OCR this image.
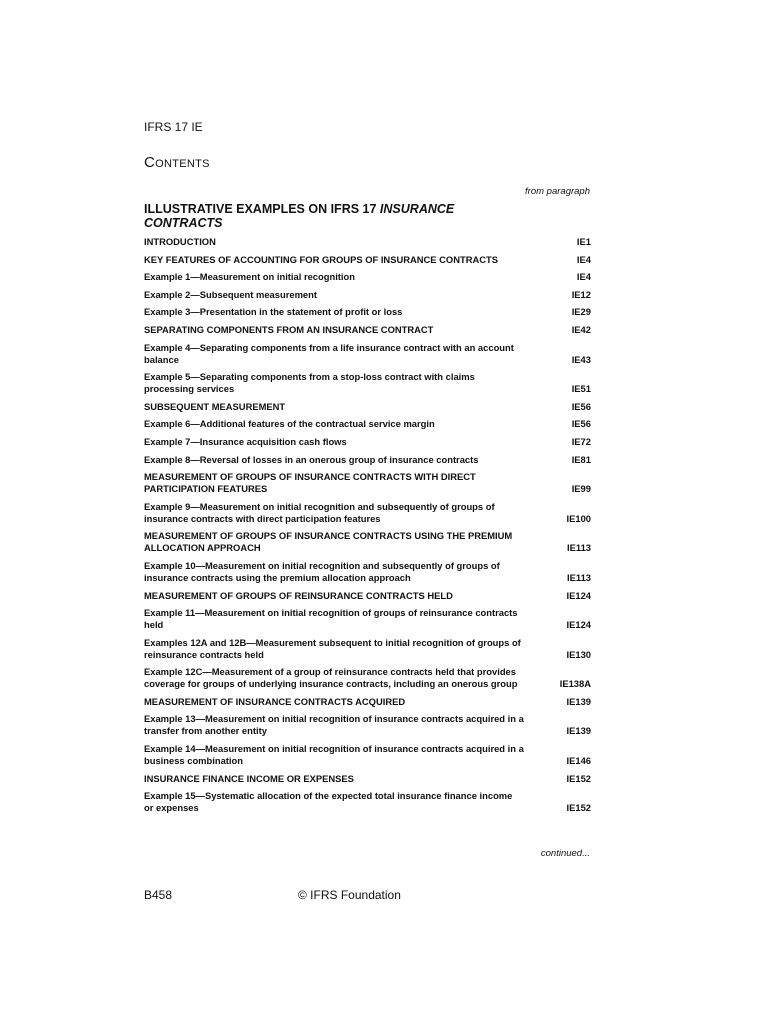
IFRS 17 IE
Contents
from paragraph
ILLUSTRATIVE EXAMPLES ON IFRS 17 INSURANCE CONTRACTS
INTRODUCTION	IE1
KEY FEATURES OF ACCOUNTING FOR GROUPS OF INSURANCE CONTRACTS	IE4
Example 1—Measurement on initial recognition	IE4
Example 2—Subsequent measurement	IE12
Example 3—Presentation in the statement of profit or loss	IE29
SEPARATING COMPONENTS FROM AN INSURANCE CONTRACT	IE42
Example 4—Separating components from a life insurance contract with an account balance	IE43
Example 5—Separating components from a stop-loss contract with claims processing services	IE51
SUBSEQUENT MEASUREMENT	IE56
Example 6—Additional features of the contractual service margin	IE56
Example 7—Insurance acquisition cash flows	IE72
Example 8—Reversal of losses in an onerous group of insurance contracts	IE81
MEASUREMENT OF GROUPS OF INSURANCE CONTRACTS WITH DIRECT PARTICIPATION FEATURES	IE99
Example 9—Measurement on initial recognition and subsequently of groups of insurance contracts with direct participation features	IE100
MEASUREMENT OF GROUPS OF INSURANCE CONTRACTS USING THE PREMIUM ALLOCATION APPROACH	IE113
Example 10—Measurement on initial recognition and subsequently of groups of insurance contracts using the premium allocation approach	IE113
MEASUREMENT OF GROUPS OF REINSURANCE CONTRACTS HELD	IE124
Example 11—Measurement on initial recognition of groups of reinsurance contracts held	IE124
Examples 12A and 12B—Measurement subsequent to initial recognition of groups of reinsurance contracts held	IE130
Example 12C—Measurement of a group of reinsurance contracts held that provides coverage for groups of underlying insurance contracts, including an onerous group	IE138A
MEASUREMENT OF INSURANCE CONTRACTS ACQUIRED	IE139
Example 13—Measurement on initial recognition of insurance contracts acquired in a transfer from another entity	IE139
Example 14—Measurement on initial recognition of insurance contracts acquired in a business combination	IE146
INSURANCE FINANCE INCOME OR EXPENSES	IE152
Example 15—Systematic allocation of the expected total insurance finance income or expenses	IE152
continued...
B458	© IFRS Foundation
